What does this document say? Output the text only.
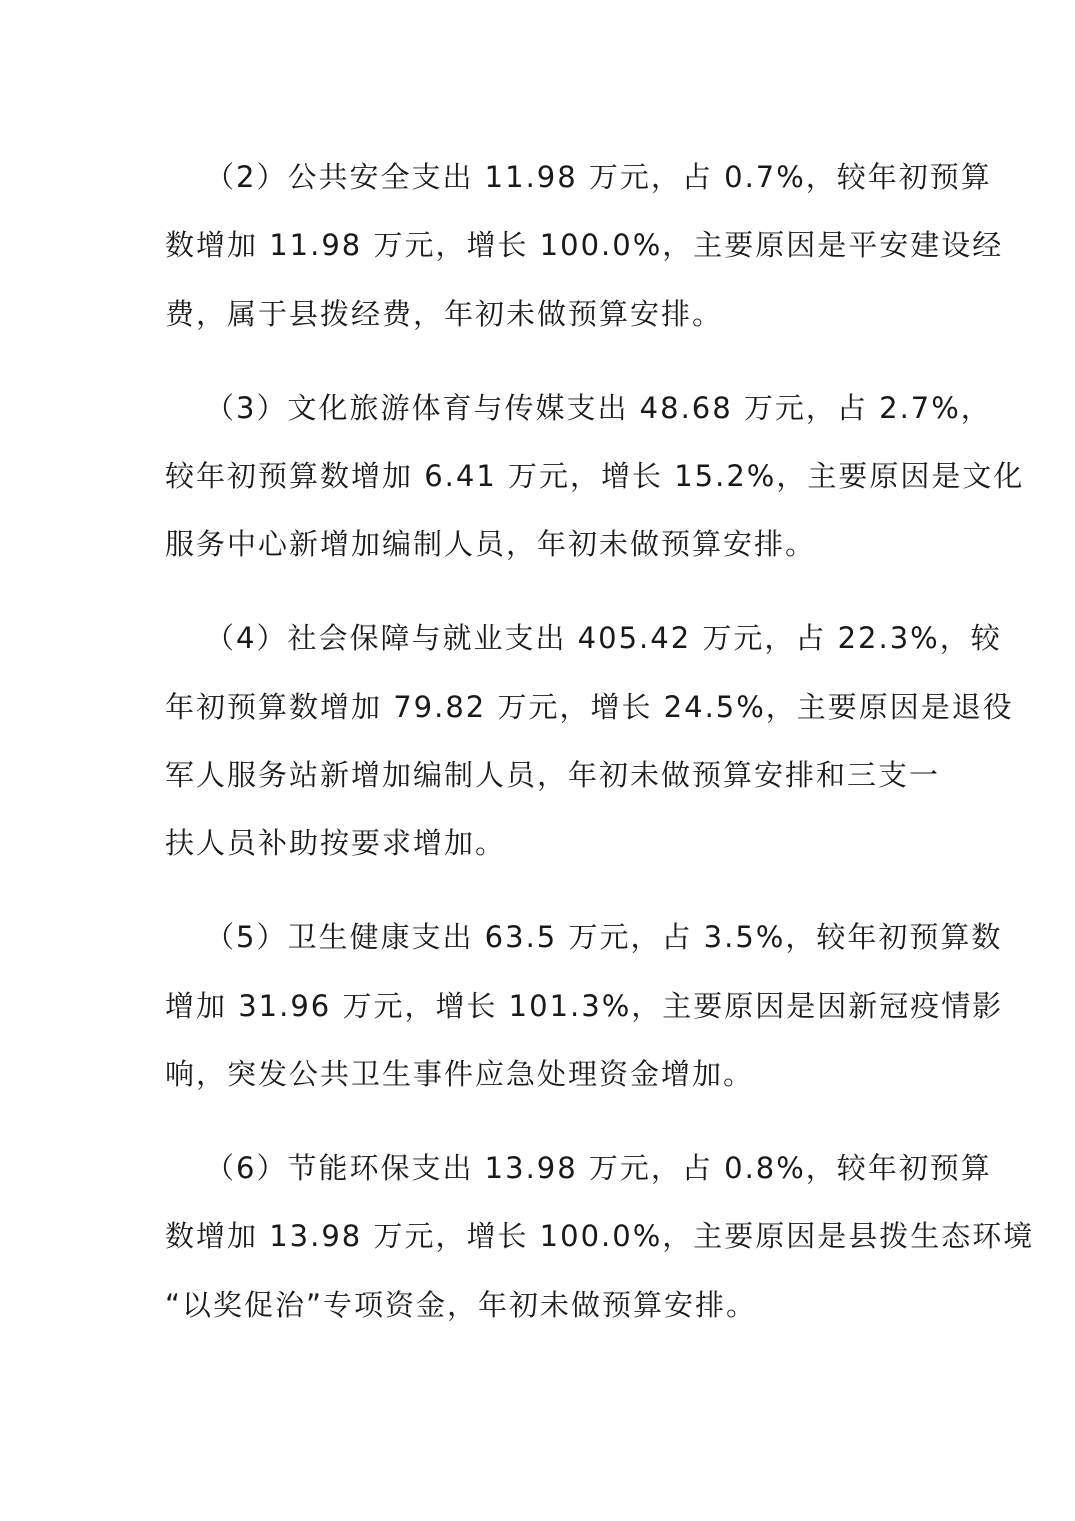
（2）公共安全支出 11.98 万元，占 0.7%，较年初预算
数增加 11.98 万元，增长 100.0%，主要原因是平安建设经
费，属于县拨经费，年初未做预算安排。
（3）文化旅游体育与传媒支出 48.68 万元，占 2.7%，
较年初预算数增加 6.41 万元，增长 15.2%，主要原因是文化
服务中心新增加编制人员，年初未做预算安排。
（4）社会保障与就业支出 405.42 万元，占 22.3%，较
年初预算数增加 79.82 万元，增长 24.5%，主要原因是退役
军人服务站新增加编制人员，年初未做预算安排和三支一
扶人员补助按要求增加。
（5）卫生健康支出 63.5 万元，占 3.5%，较年初预算数
增加 31.96 万元，增长 101.3%，主要原因是因新冠疫情影
响，突发公共卫生事件应急处理资金增加。
（6）节能环保支出 13.98 万元，占 0.8%，较年初预算
数增加 13.98 万元，增长 100.0%，主要原因是县拨生态环境
“以奖促治”专项资金，年初未做预算安排。
